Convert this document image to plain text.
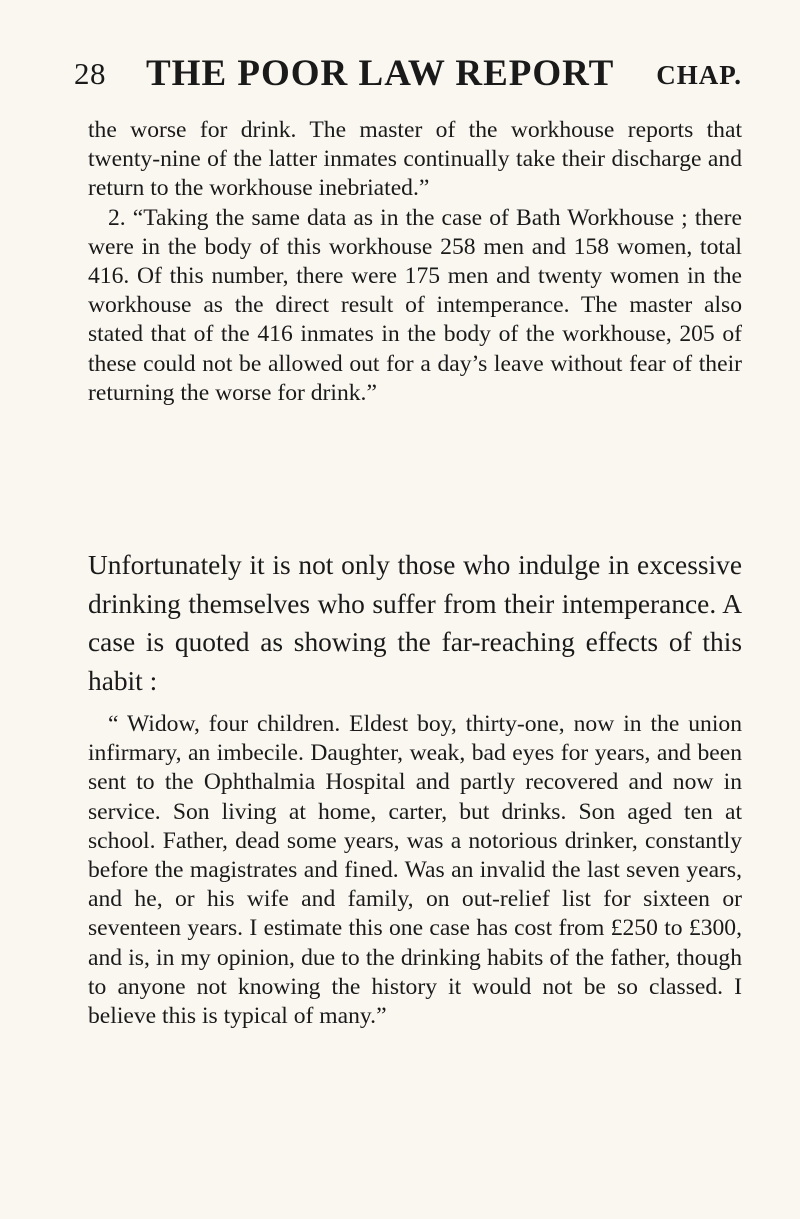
28 THE POOR LAW REPORT CHAP.

the worse for drink. The master of the workhouse reports that twenty-nine of the latter inmates continually take their discharge and return to the workhouse inebriated.”

2. “Taking the same data as in the case of Bath Workhouse ; there were in the body of this workhouse 258 men and 158 women, total 416. Of this number, there were 175 men and twenty women in the workhouse as the direct result of intemperance. The master also stated that of the 416 inmates in the body of the workhouse, 205 of these could not be allowed out for a day’s leave without fear of their returning the worse for drink.”

Unfortunately it is not only those who indulge in excessive drinking themselves who suffer from their intemperance. A case is quoted as showing the far-reaching effects of this habit :

“ Widow, four children. Eldest boy, thirty-one, now in the union infirmary, an imbecile. Daughter, weak, bad eyes for years, and been sent to the Ophthalmia Hospital and partly recovered and now in service. Son living at home, carter, but drinks. Son aged ten at school. Father, dead some years, was a notorious drinker, constantly before the magistrates and fined. Was an invalid the last seven years, and he, or his wife and family, on out-relief list for sixteen or seventeen years. I estimate this one case has cost from £250 to £300, and is, in my opinion, due to the drinking habits of the father, though to anyone not knowing the history it would not be so classed. I believe this is typical of many.”
